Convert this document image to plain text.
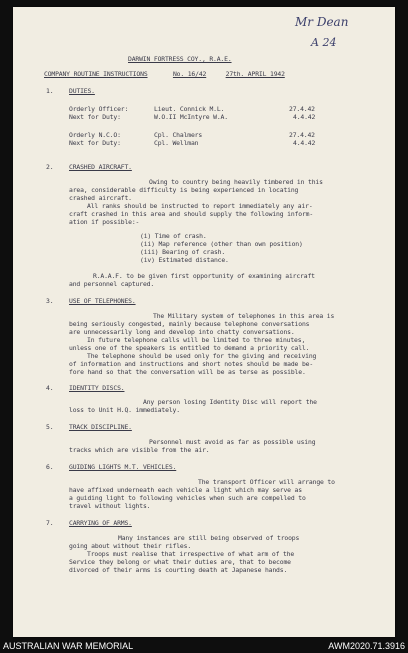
Mr Dean
A 24
DARWIN FORTRESS COY., R.A.E.
COMPANY ROUTINE INSTRUCTIONS	No. 16/42	27th. APRIL 1942
1. DUTIES.
Orderly Officer:	Lieut. Connick M.L.	27.4.42
Next for Duty:	W.O.II McIntyre W.A.	4.4.42
Orderly N.C.O:	Cpl. Chalmers	27.4.42
Next for Duty:	Cpl. Wellman	4.4.42
2. CRASHED AIRCRAFT.
Owing to country being heavily timbered in this
area, considerable difficulty is being experienced in locating
crashed aircraft.
All ranks should be instructed to report immediately any air-
craft crashed in this area and should supply the following inform-
ation if possible:-
(i) Time of crash.
(ii) Map reference (other than own position)
(iii) Bearing of crash.
(iv) Estimated distance.
R.A.A.F. to be given first opportunity of examining aircraft
and personnel captured.
3. USE OF TELEPHONES.
The Military system of telephones in this area is
being seriously congested, mainly because telephone conversations
are unnecessarily long and develop into chatty conversations.
In future telephone calls will be limited to three minutes,
unless one of the speakers is entitled to demand a priority call.
The telephone should be used only for the giving and receiving
of information and instructions and short notes should be made be-
fore hand so that the conversation will be as terse as possible.
4. IDENTITY DISCS.
Any person losing Identity Disc will report the
loss to Unit H.Q. immediately.
5. TRACK DISCIPLINE.
Personnel must avoid as far as possible using
tracks which are visible from the air.
6. GUIDING LIGHTS M.T. VEHICLES.
The transport Officer will arrange to
have affixed underneath each vehicle a light which may serve as
a guiding light to following vehicles when such are compelled to
travel without lights.
7. CARRYING OF ARMS.
Many instances are still being observed of troops
going about without their rifles.
Troops must realise that irrespective of what arm of the
Service they belong or what their duties are, that to become
divorced of their arms is courting death at Japanese hands.
AUSTRALIAN WAR MEMORIAL	AWM2020.71.3916
